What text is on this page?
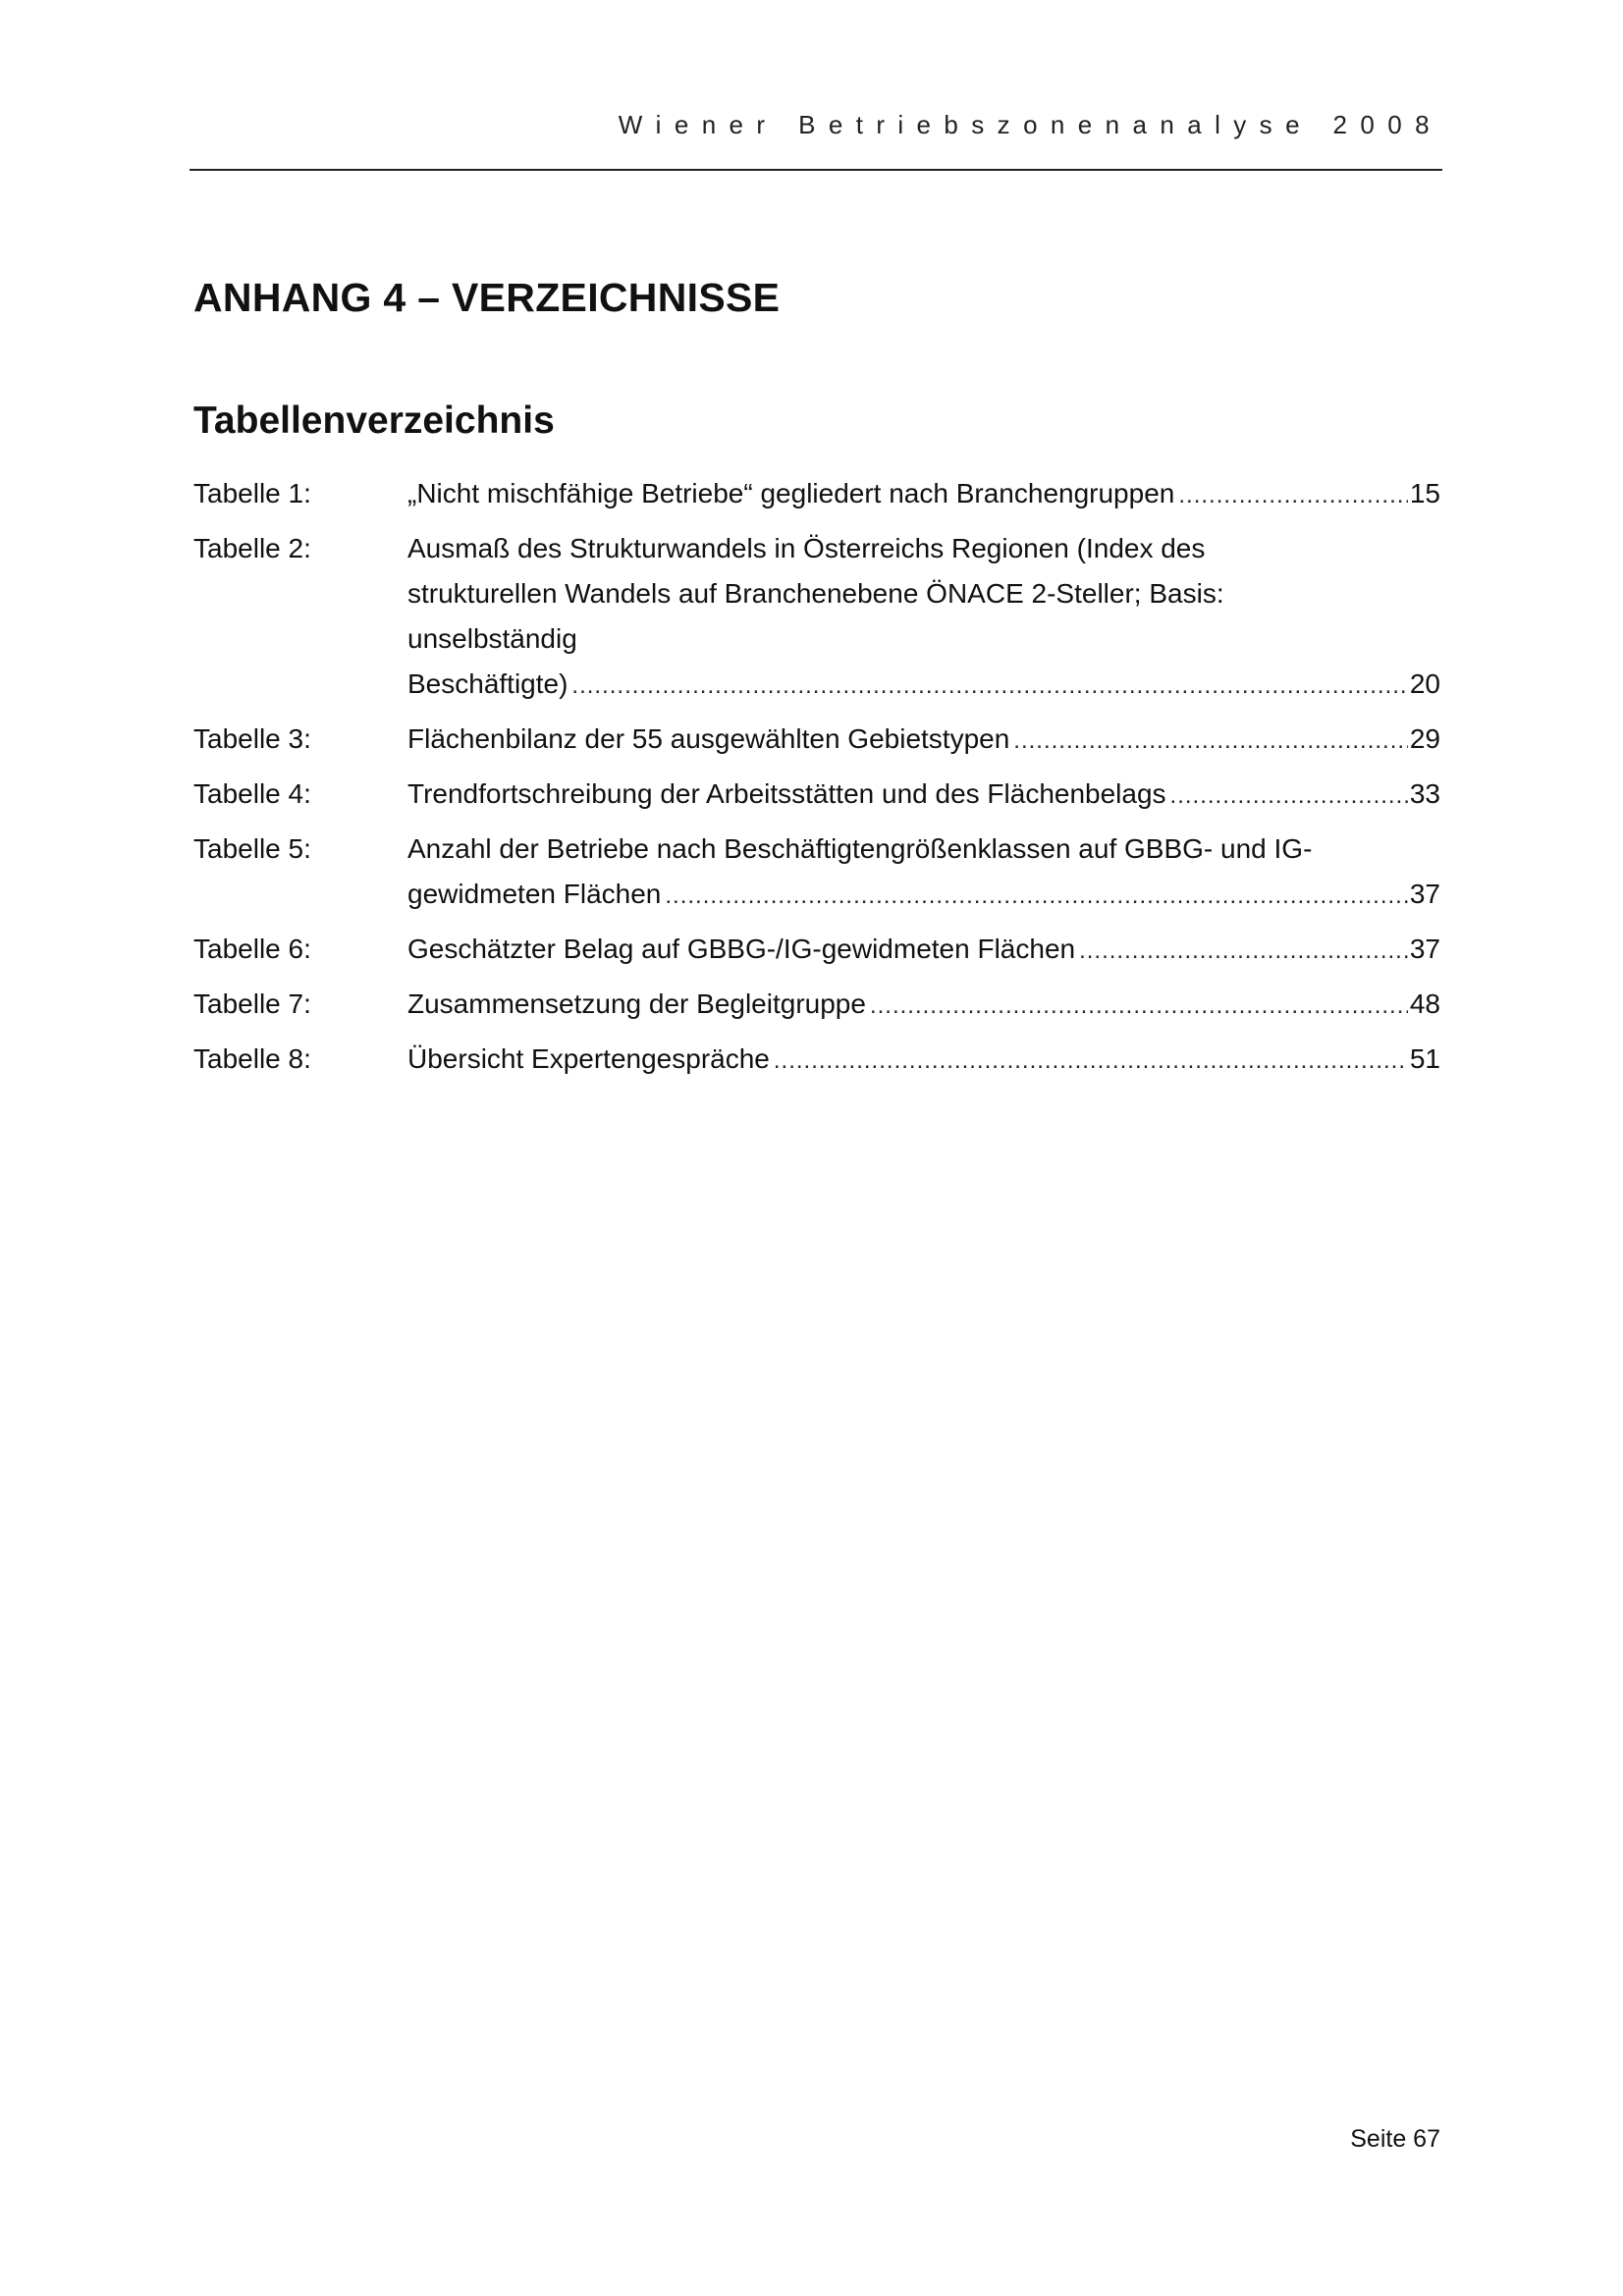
Wiener Betriebszonenanalyse 2008
ANHANG 4 – VERZEICHNISSE
Tabellenverzeichnis
Tabelle 1:	„Nicht mischfähige Betriebe“ gegliedert nach Branchengruppen .....	15
Tabelle 2:	Ausmaß des Strukturwandels in Österreichs Regionen (Index des strukturellen Wandels auf Branchenebene ÖNACE 2-Steller; Basis: unselbständig
Beschäftigte) .....	20
Tabelle 3:	Flächenbilanz der 55 ausgewählten Gebietstypen .....	29
Tabelle 4:	Trendfortschreibung der Arbeitsstätten und des Flächenbelags .....	33
Tabelle 5:	Anzahl der Betriebe nach Beschäftigtengrößenklassen auf GBBG- und IG-
gewidmeten Flächen .....	37
Tabelle 6:	Geschätzter Belag auf GBBG-/IG-gewidmeten Flächen .....	37
Tabelle 7:	Zusammensetzung der Begleitgruppe .....	48
Tabelle 8:	Übersicht Expertengespräche .....	51
Seite 67
